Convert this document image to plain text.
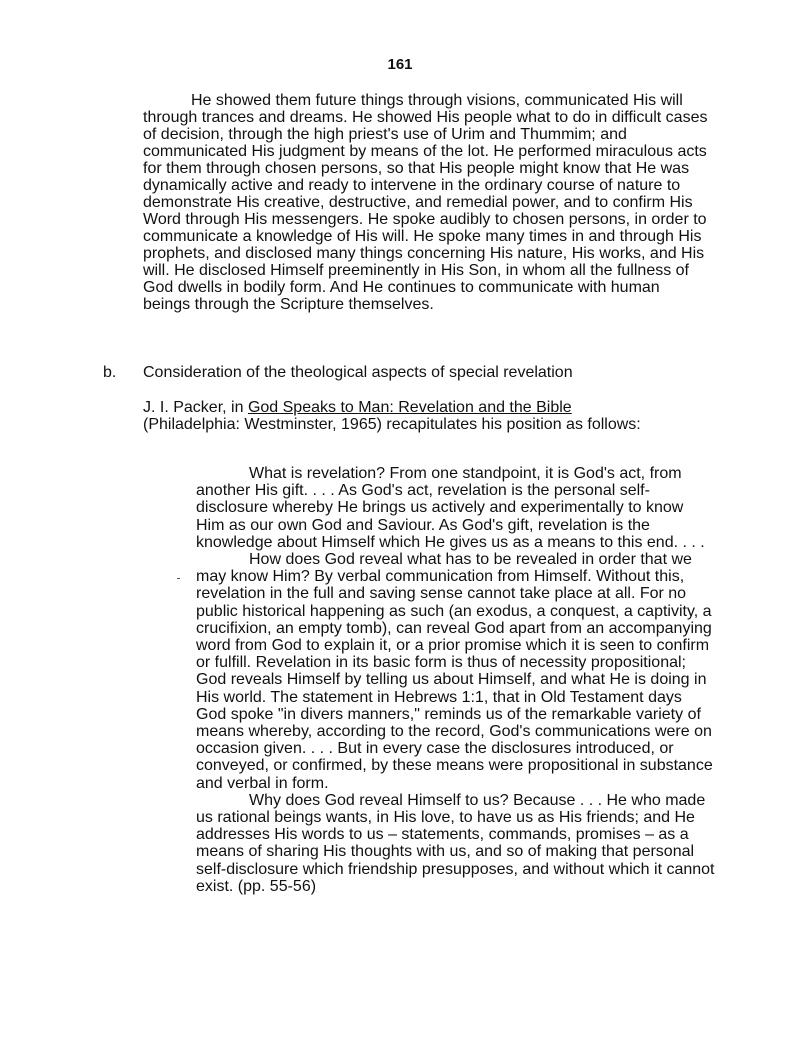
161

He showed them future things through visions, communicated His will through trances and dreams. He showed His people what to do in difficult cases of decision, through the high priest's use of Urim and Thummim; and communicated His judgment by means of the lot. He performed miraculous acts for them through chosen persons, so that His people might know that He was dynamically active and ready to intervene in the ordinary course of nature to demonstrate His creative, destructive, and remedial power, and to confirm His Word through His messengers. He spoke audibly to chosen persons, in order to communicate a knowledge of His will. He spoke many times in and through His prophets, and disclosed many things concerning His nature, His works, and His will. He disclosed Himself preeminently in His Son, in whom all the fullness of God dwells in bodily form. And He continues to communicate with human beings through the Scripture themselves.

b. Consideration of the theological aspects of special revelation

J. I. Packer, in God Speaks to Man: Revelation and the Bible (Philadelphia: Westminster, 1965) recapitulates his position as follows:

What is revelation? From one standpoint, it is God's act, from another His gift. . . . As God's act, revelation is the personal self-disclosure whereby He brings us actively and experimentally to know Him as our own God and Saviour. As God's gift, revelation is the knowledge about Himself which He gives us as a means to this end. . . .

How does God reveal what has to be revealed in order that we may know Him? By verbal communication from Himself. Without this, revelation in the full and saving sense cannot take place at all. For no public historical happening as such (an exodus, a conquest, a captivity, a crucifixion, an empty tomb), can reveal God apart from an accompanying word from God to explain it, or a prior promise which it is seen to confirm or fulfill. Revelation in its basic form is thus of necessity propositional; God reveals Himself by telling us about Himself, and what He is doing in His world. The statement in Hebrews 1:1, that in Old Testament days God spoke "in divers manners," reminds us of the remarkable variety of means whereby, according to the record, God's communications were on occasion given. . . . But in every case the disclosures introduced, or conveyed, or confirmed, by these means were propositional in substance and verbal in form.

Why does God reveal Himself to us? Because . . . He who made us rational beings wants, in His love, to have us as His friends; and He addresses His words to us – statements, commands, promises – as a means of sharing His thoughts with us, and so of making that personal self-disclosure which friendship presupposes, and without which it cannot exist. (pp. 55-56)
